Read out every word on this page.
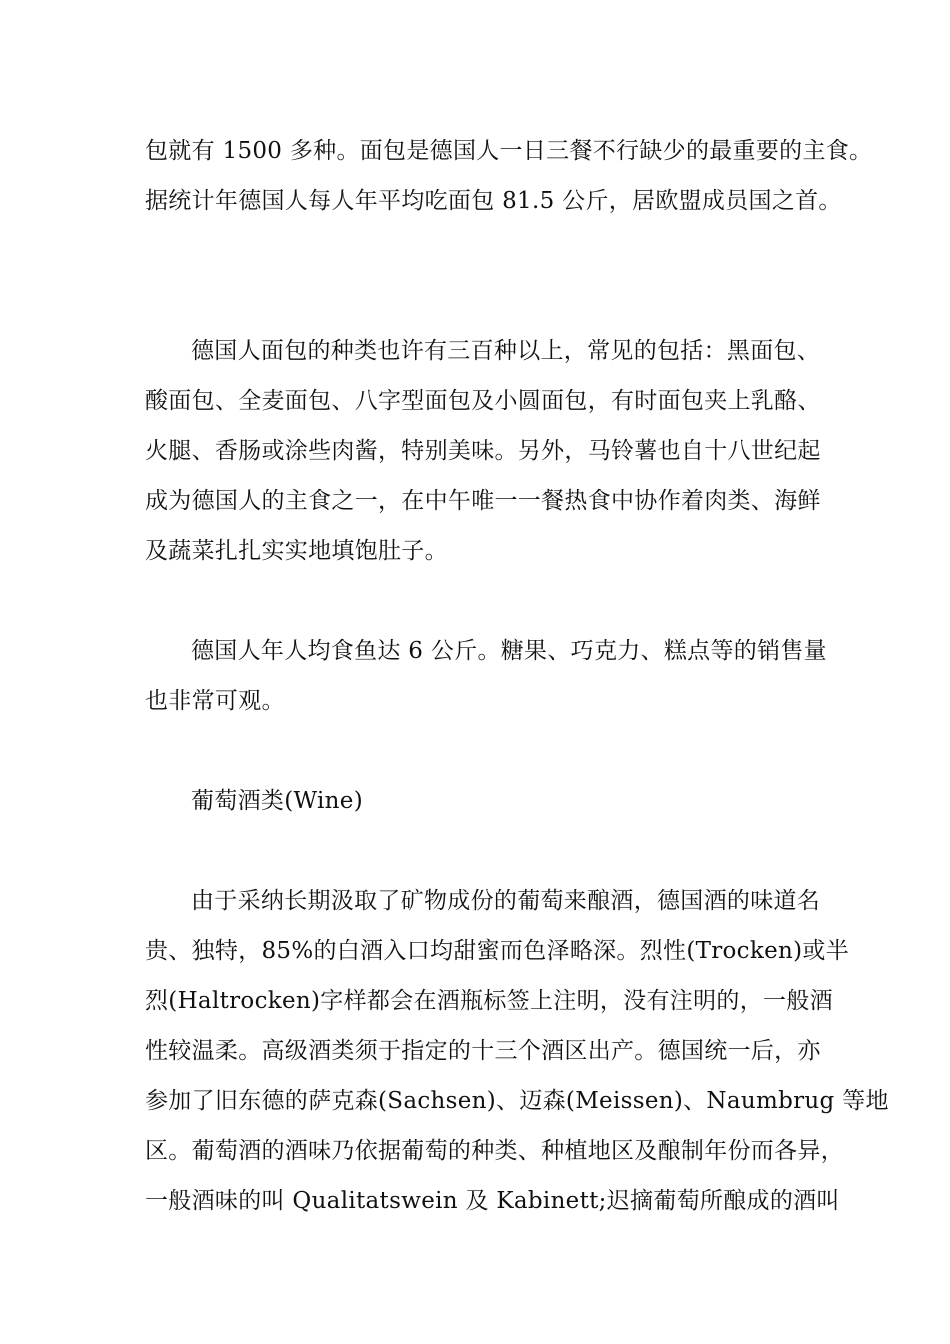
包就有 1500 多种。面包是德国人一日三餐不行缺少的最重要的主食。
据统计年德国人每人年平均吃面包 81.5 公斤，居欧盟成员国之首。
德国人面包的种类也许有三百种以上，常见的包括：黑面包、
酸面包、全麦面包、八字型面包及小圆面包，有时面包夹上乳酪、
火腿、香肠或涂些肉酱，特别美味。另外，马铃薯也自十八世纪起
成为德国人的主食之一，在中午唯一一餐热食中协作着肉类、海鲜
及蔬菜扎扎实实地填饱肚子。
德国人年人均食鱼达 6 公斤。糖果、巧克力、糕点等的销售量
也非常可观。
葡萄酒类(Wine)
由于采纳长期汲取了矿物成份的葡萄来酿酒，德国酒的味道名
贵、独特，85%的白酒入口均甜蜜而色泽略深。烈性(Trocken)或半
烈(Haltrocken)字样都会在酒瓶标签上注明，没有注明的，一般酒
性较温柔。高级酒类须于指定的十三个酒区出产。德国统一后，亦
参加了旧东德的萨克森(Sachsen)、迈森(Meissen)、Naumbrug 等地
区。葡萄酒的酒味乃依据葡萄的种类、种植地区及酿制年份而各异，
一般酒味的叫 Qualitatswein 及 Kabinett;迟摘葡萄所酿成的酒叫
